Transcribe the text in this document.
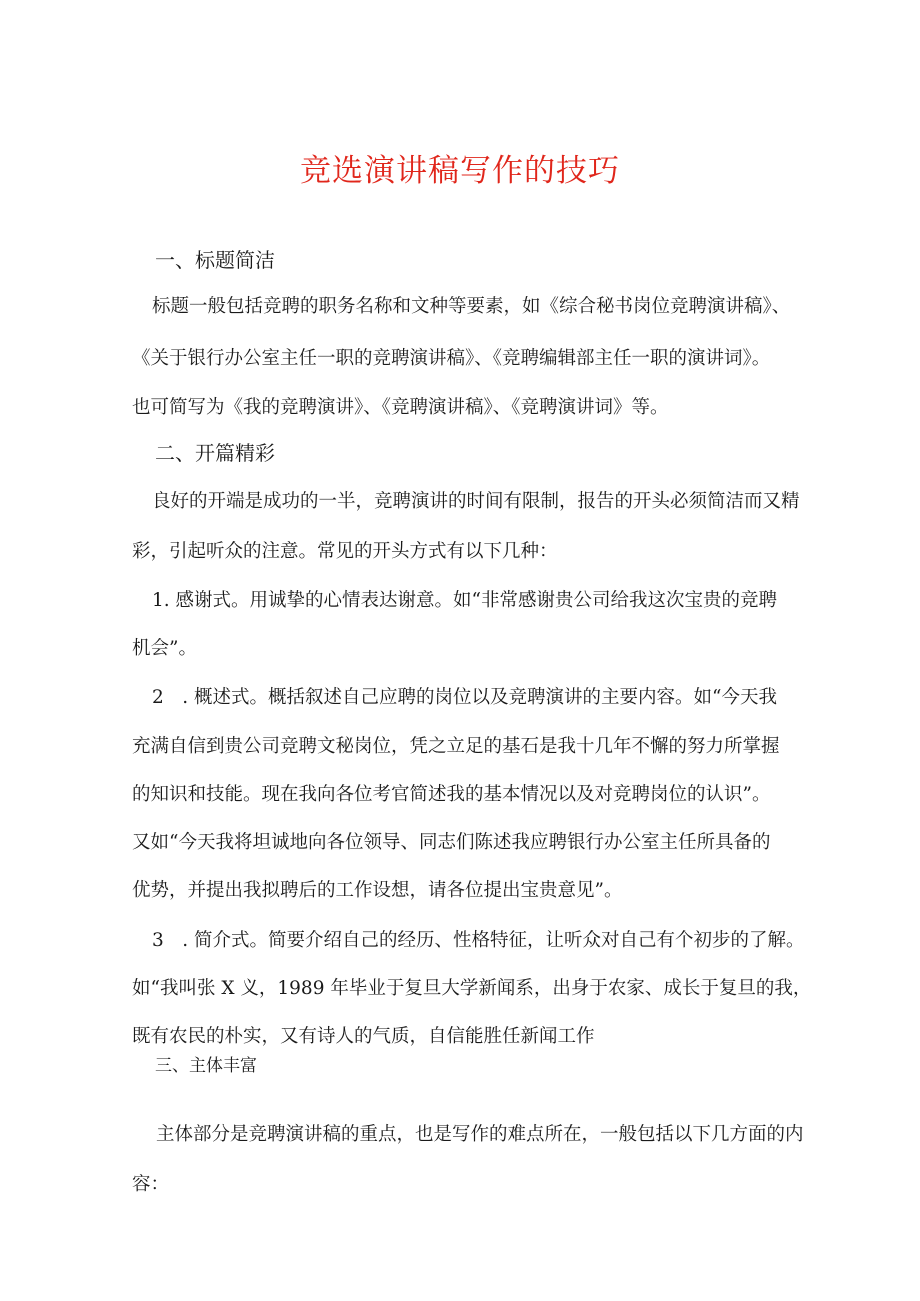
竞选演讲稿写作的技巧
一、标题简洁
标题一般包括竞聘的职务名称和文种等要素，如《综合秘书岗位竞聘演讲稿》、
《关于银行办公室主任一职的竞聘演讲稿》、《竞聘编辑部主任一职的演讲词》。
也可简写为《我的竞聘演讲》、《竞聘演讲稿》、《竞聘演讲词》等。
二、开篇精彩
良好的开端是成功的一半，竞聘演讲的时间有限制，报告的开头必须简洁而又精
彩，引起听众的注意。常见的开头方式有以下几种：
1. 感谢式。用诚挚的心情表达谢意。如“非常感谢贵公司给我这次宝贵的竞聘
机会”。
2　. 概述式。概括叙述自己应聘的岗位以及竞聘演讲的主要内容。如“今天我
充满自信到贵公司竞聘文秘岗位，凭之立足的基石是我十几年不懈的努力所掌握
的知识和技能。现在我向各位考官简述我的基本情况以及对竞聘岗位的认识”。
又如“今天我将坦诚地向各位领导、同志们陈述我应聘银行办公室主任所具备的
优势，并提出我拟聘后的工作设想，请各位提出宝贵意见”。
3　. 简介式。简要介绍自己的经历、性格特征，让听众对自己有个初步的了解。
如“我叫张 X 义，1989 年毕业于复旦大学新闻系，出身于农家、成长于复旦的我，
既有农民的朴实，又有诗人的气质，自信能胜任新闻工作
三、主体丰富
主体部分是竞聘演讲稿的重点，也是写作的难点所在，一般包括以下几方面的内
容：
